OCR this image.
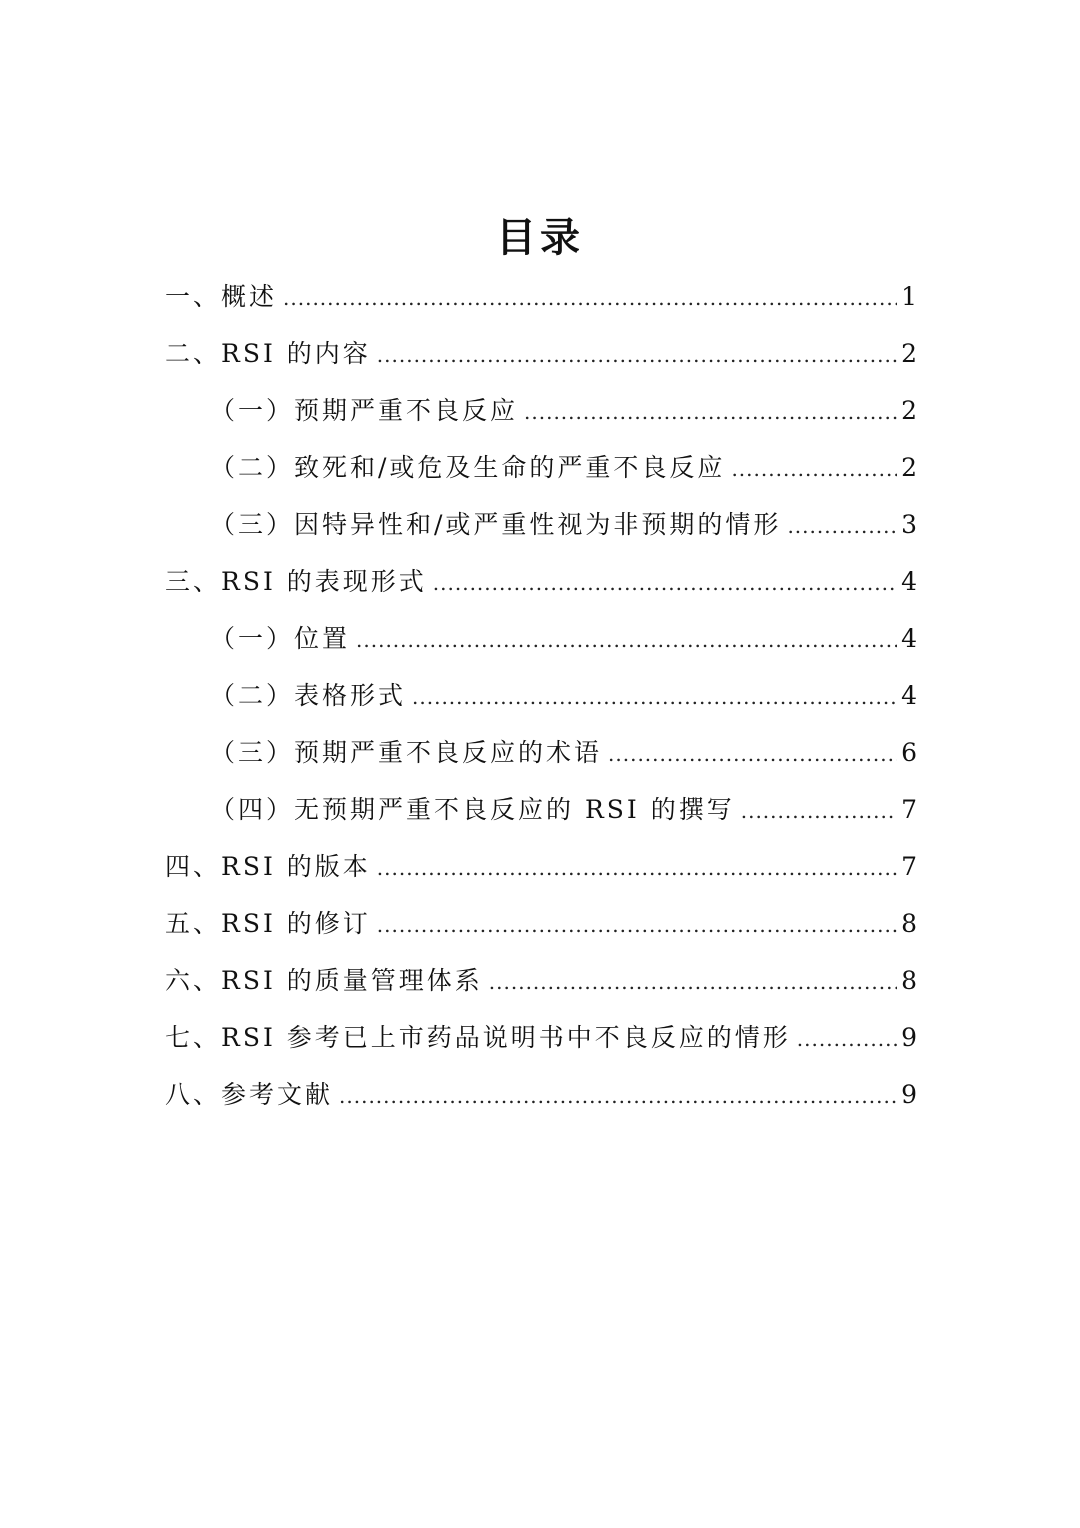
目录
一、概述 .....	1
二、RSI 的内容 .....	2
（一）预期严重不良反应 .....	2
（二）致死和/或危及生命的严重不良反应 .....	2
（三）因特异性和/或严重性视为非预期的情形 .....	3
三、RSI 的表现形式 .....	4
（一）位置 .....	4
（二）表格形式 .....	4
（三）预期严重不良反应的术语 .....	6
（四）无预期严重不良反应的 RSI 的撰写 .....	7
四、RSI 的版本 .....	7
五、RSI 的修订 .....	8
六、RSI 的质量管理体系 .....	8
七、RSI 参考已上市药品说明书中不良反应的情形 .....	9
八、参考文献 .....	9
